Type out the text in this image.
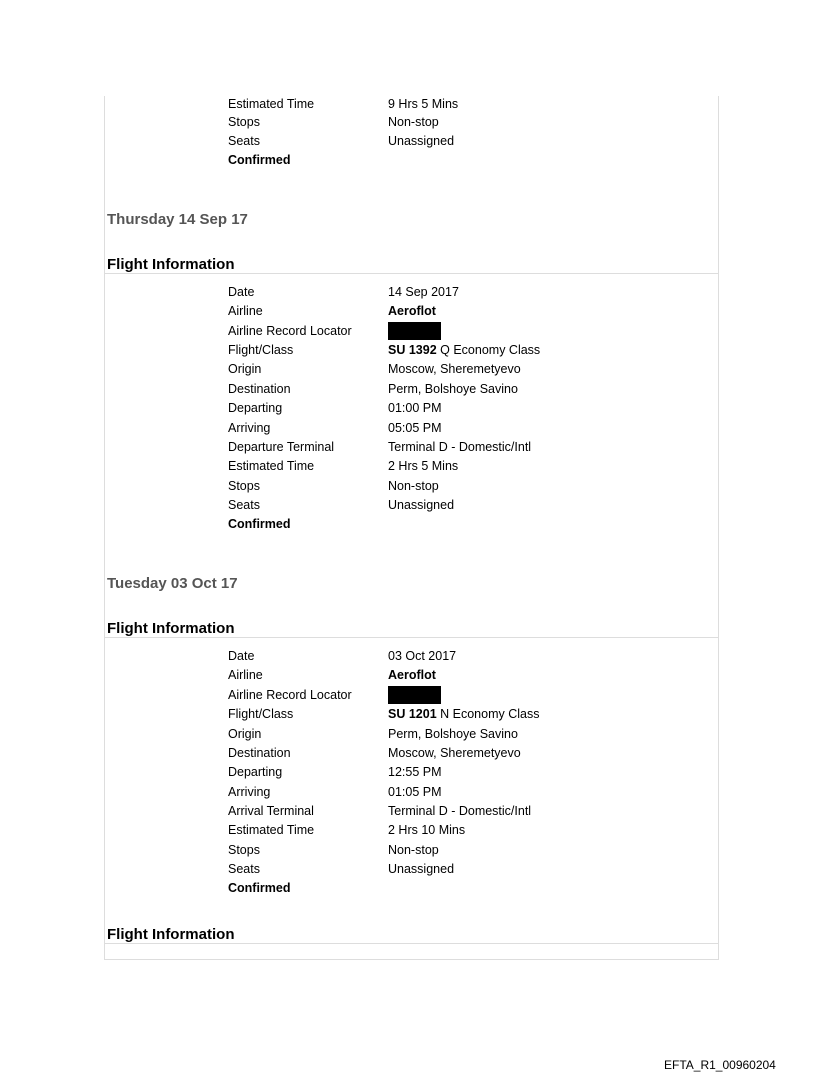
Estimated Time	9 Hrs 5 Mins
Stops	Non-stop
Seats	Unassigned
Confirmed
Thursday 14 Sep 17
Flight Information
Date	14 Sep 2017
Airline	Aeroflot
Airline Record Locator
Flight/Class	SU 1392 Q Economy Class
Origin	Moscow, Sheremetyevo
Destination	Perm, Bolshoye Savino
Departing	01:00 PM
Arriving	05:05 PM
Departure Terminal	Terminal D - Domestic/Intl
Estimated Time	2 Hrs 5 Mins
Stops	Non-stop
Seats	Unassigned
Confirmed
Tuesday 03 Oct 17
Flight Information
Date	03 Oct 2017
Airline	Aeroflot
Airline Record Locator
Flight/Class	SU 1201 N Economy Class
Origin	Perm, Bolshoye Savino
Destination	Moscow, Sheremetyevo
Departing	12:55 PM
Arriving	01:05 PM
Arrival Terminal	Terminal D - Domestic/Intl
Estimated Time	2 Hrs 10 Mins
Stops	Non-stop
Seats	Unassigned
Confirmed
Flight Information
EFTA_R1_00960204
